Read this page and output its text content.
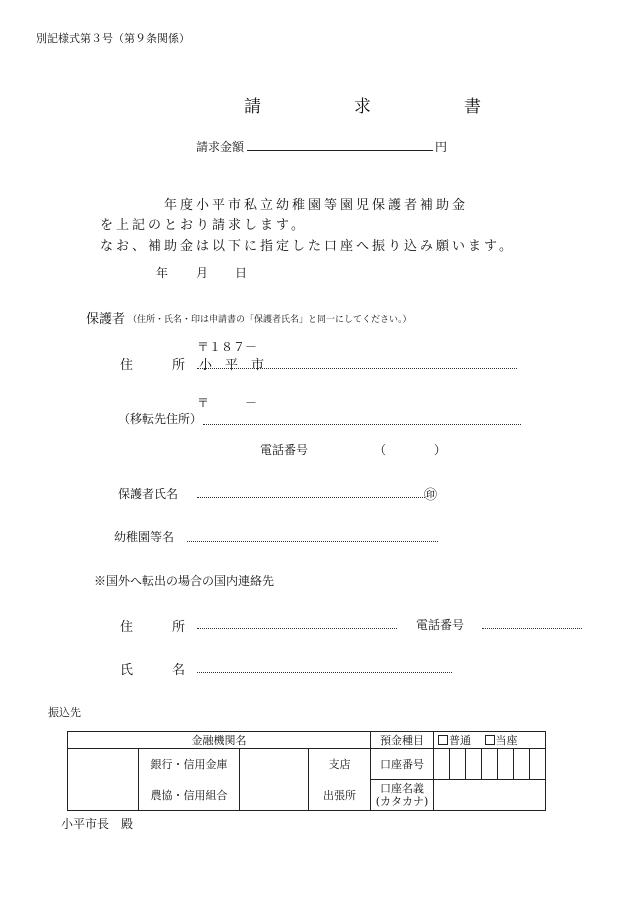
別記様式第３号（第９条関係）
請　求　書
請求金額	円
年度小平市私立幼稚園等園児保護者補助金
を上記のとおり請求します。
なお、補助金は以下に指定した口座へ振り込み願います。
年 月 日
保護者 （住所・氏名・印は申請書の「保護者氏名」と同一にしてください。）
〒１８７－
住	所 小　平　市
〒　　　－
（移転先住所）
電話番号	（　　　　）
保護者氏名	㊞
幼稚園等名
※国外へ転出の場合の国内連絡先
住	所	電話番号
氏	名
振込先
金融機関名				預金種目	普通 当座						
	銀行・信用金庫		支店	口座番号							
	農協・信用組合		出張所	口座名義
(カタカナ)							

小平市長　殿
